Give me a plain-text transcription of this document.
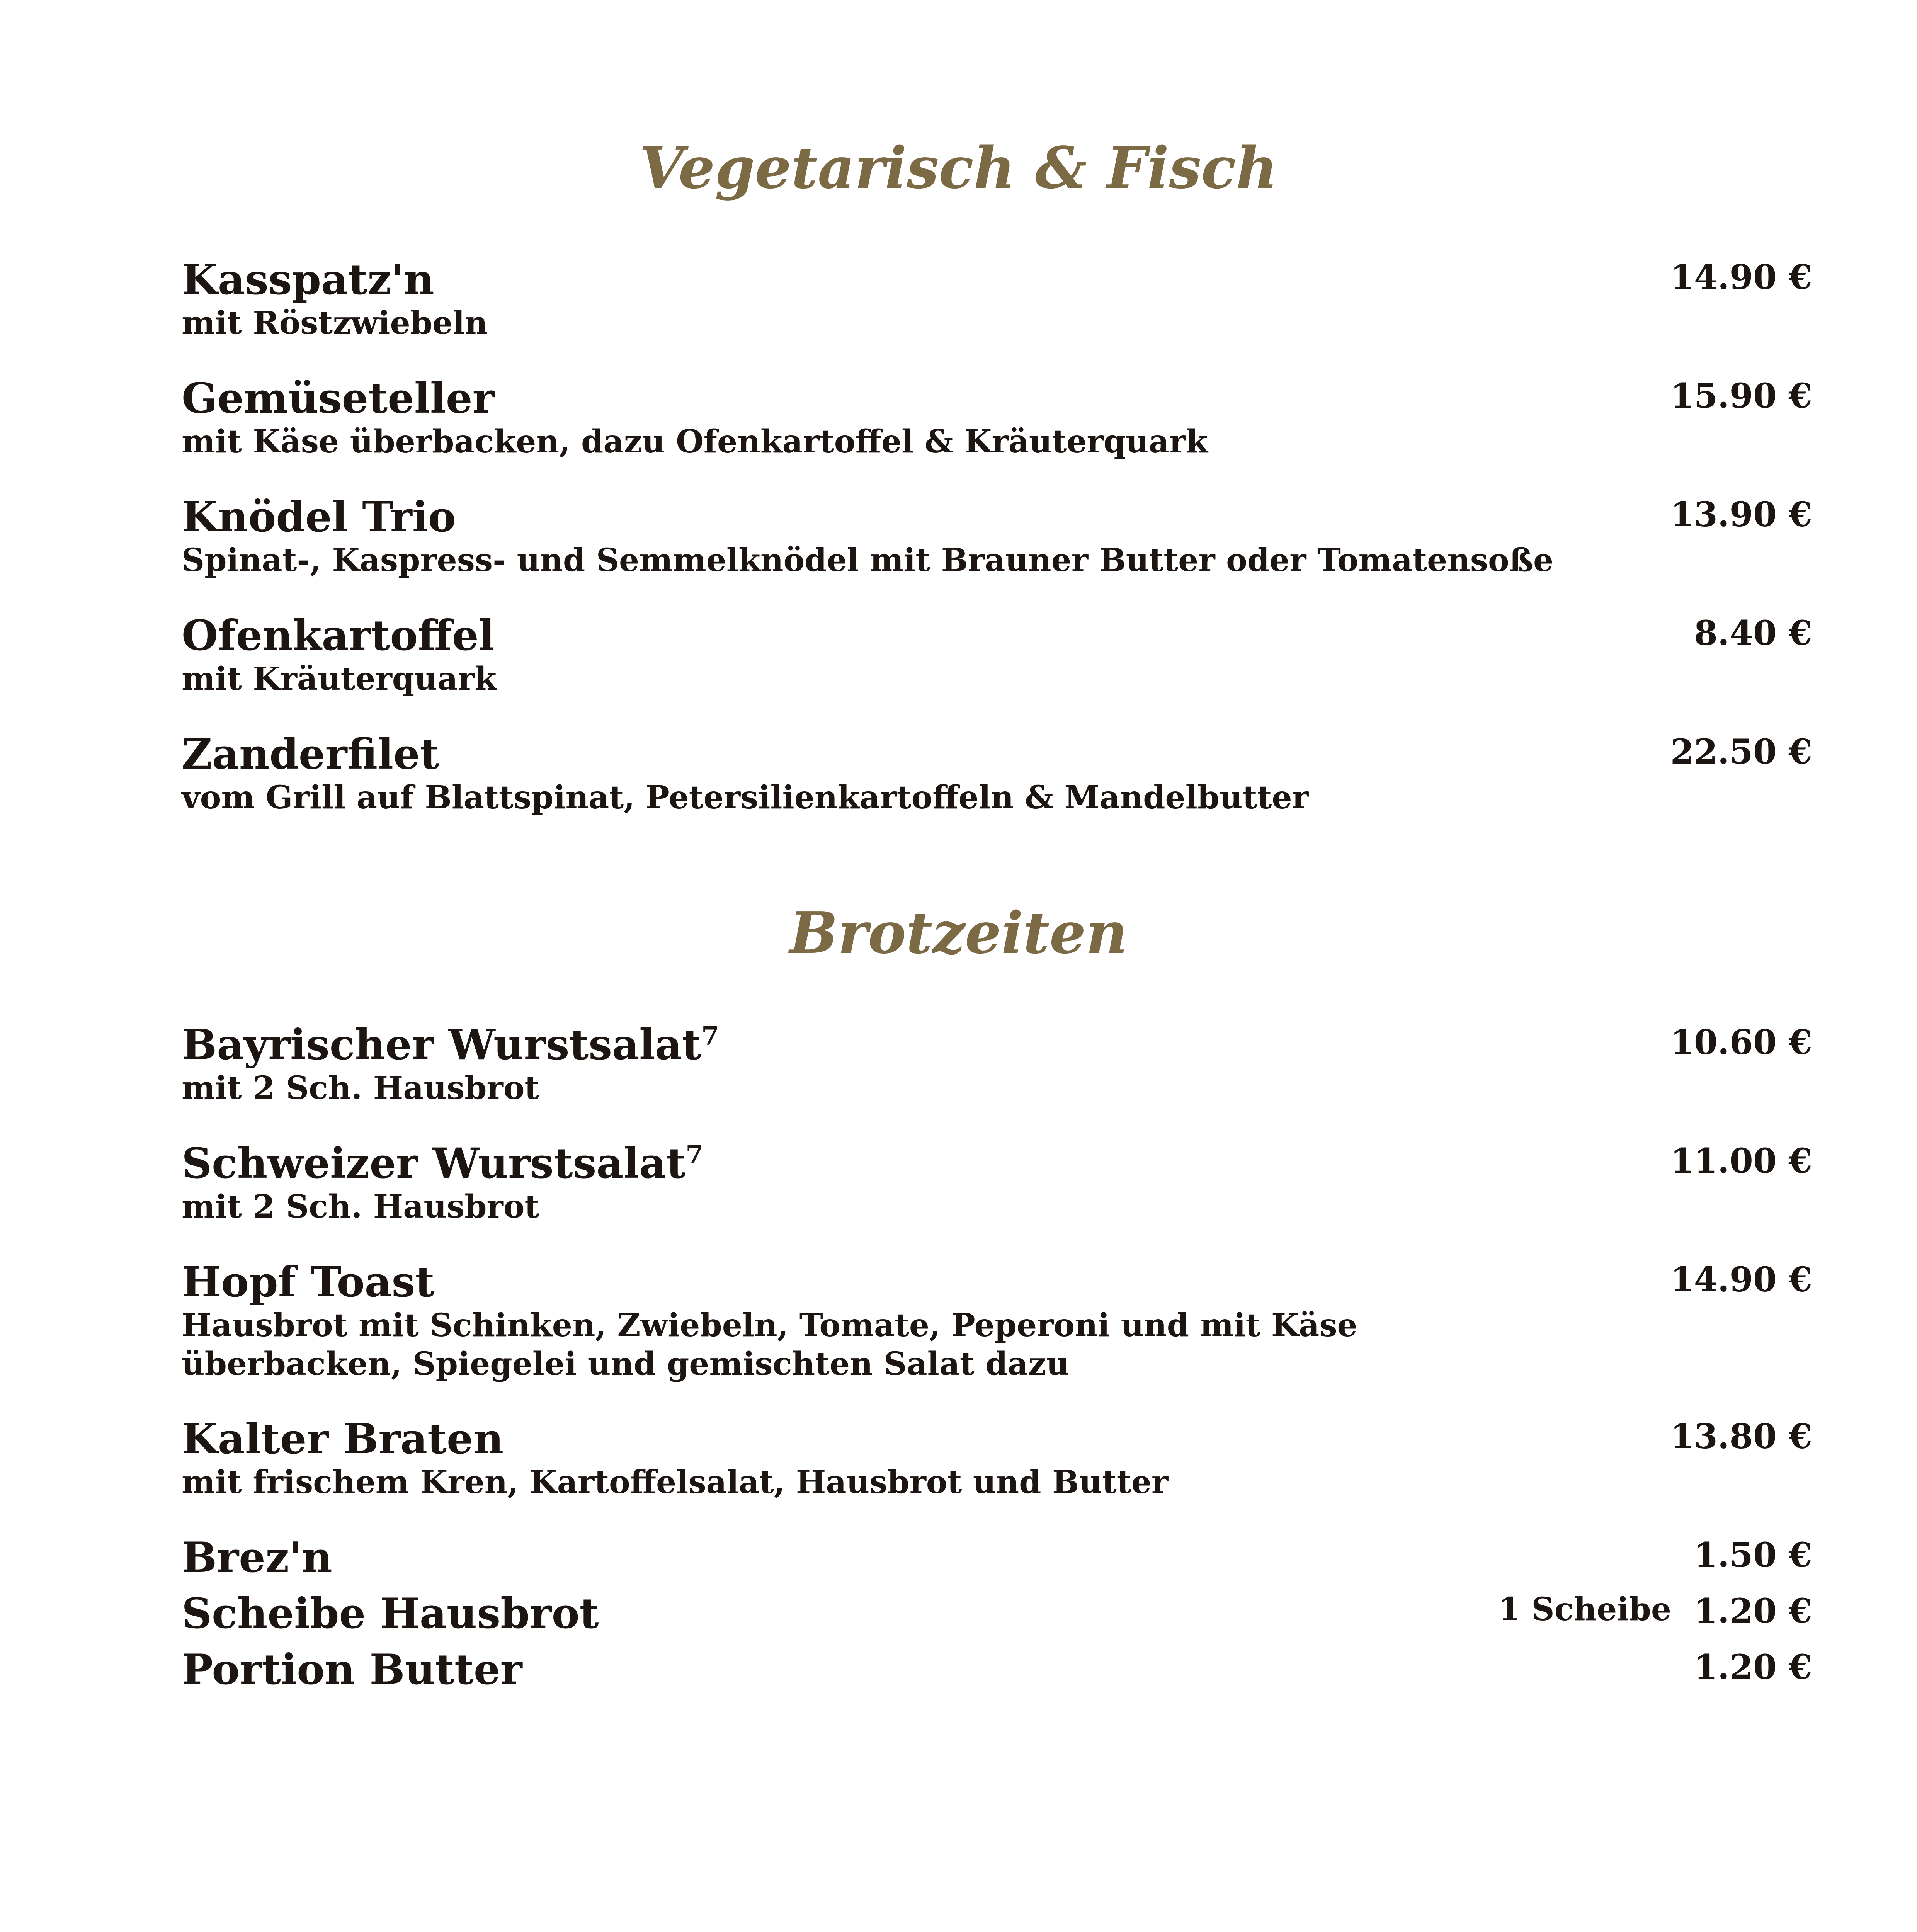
Vegetarisch & Fisch
Kasspatz'n
mit Röstzwiebeln
14.90 €
Gemüseteller
mit Käse überbacken, dazu Ofenkartoffel & Kräuterquark
15.90 €
Knödel Trio
Spinat-, Kaspress- und Semmelknödel mit Brauner Butter oder Tomatensoße
13.90 €
Ofenkartoffel
mit Kräuterquark
8.40 €
Zanderfilet
vom Grill auf Blattspinat, Petersilienkartoffeln & Mandelbutter
22.50 €
Brotzeiten
Bayrischer Wurstsalat$^7$
mit 2 Sch. Hausbrot
10.60 €
Schweizer Wurstsalat$^7$
mit 2 Sch. Hausbrot
11.00 €
Hopf Toast
Hausbrot mit Schinken, Zwiebeln, Tomate, Peperoni und mit Käse
überbacken, Spiegelei und gemischten Salat dazu
14.90 €
Kalter Braten
mit frischem Kren, Kartoffelsalat, Hausbrot und Butter
13.80 €
Brez'n	1.50 €
Scheibe Hausbrot	1 Scheibe 1.20 €
Portion Butter	1.20 €
